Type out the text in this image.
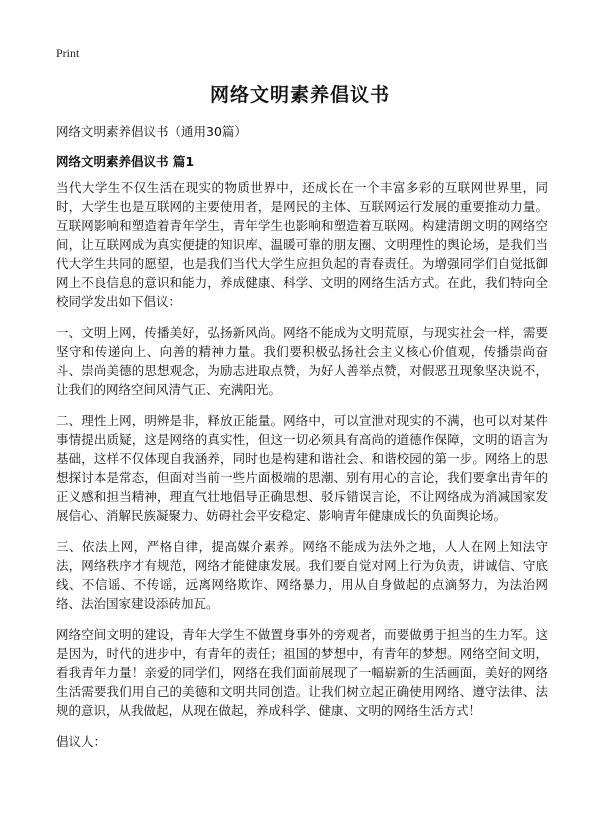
Print
网络文明素养倡议书
网络文明素养倡议书（通用30篇）
网络文明素养倡议书 篇1

当代大学生不仅生活在现实的物质世界中，还成长在一个丰富多彩的互联网世界里，同时，大学生也是互联网的主要使用者，是网民的主体、互联网运行发展的重要推动力量。互联网影响和塑造着青年学生，青年学生也影响和塑造着互联网。构建清朗文明的网络空间，让互联网成为真实便捷的知识库、温暖可靠的朋友圈、文明理性的舆论场，是我们当代大学生共同的愿望，也是我们当代大学生应担负起的青春责任。为增强同学们自觉抵御网上不良信息的意识和能力，养成健康、科学、文明的网络生活方式。在此，我们特向全校同学发出如下倡议：

一、文明上网，传播美好，弘扬新风尚。网络不能成为文明荒原，与现实社会一样，需要坚守和传递向上、向善的精神力量。我们要积极弘扬社会主义核心价值观，传播崇尚奋斗、崇尚美德的思想观念，为励志进取点赞，为好人善举点赞，对假恶丑现象坚决说不，让我们的网络空间风清气正、充满阳光。

二、理性上网，明辨是非，释放正能量。网络中，可以宣泄对现实的不满，也可以对某件事情提出质疑，这是网络的真实性，但这一切必须具有高尚的道德作保障，文明的语言为基础，这样不仅体现自我涵养，同时也是构建和谐社会、和谐校园的第一步。网络上的思想探讨本是常态，但面对当前一些片面极端的思潮、别有用心的言论，我们要拿出青年的正义感和担当精神，理直气壮地倡导正确思想、驳斥错误言论，不让网络成为消减国家发展信心、消解民族凝聚力、妨碍社会平安稳定、影响青年健康成长的负面舆论场。

三、依法上网，严格自律，提高媒介素养。网络不能成为法外之地，人人在网上知法守法，网络秩序才有规范，网络才能健康发展。我们要自觉对网上行为负责，讲诚信、守底线、不信谣、不传谣，远离网络欺诈、网络暴力，用从自身做起的点滴努力，为法治网络、法治国家建设添砖加瓦。

网络空间文明的建设，青年大学生不做置身事外的旁观者，而要做勇于担当的生力军。这是因为，时代的进步中，有青年的责任；祖国的梦想中，有青年的梦想。网络空间文明，看我青年力量！亲爱的同学们，网络在我们面前展现了一幅崭新的生活画面，美好的网络生活需要我们用自己的美德和文明共同创造。让我们树立起正确使用网络、遵守法律、法规的意识，从我做起，从现在做起，养成科学、健康、文明的网络生活方式！

倡议人：
